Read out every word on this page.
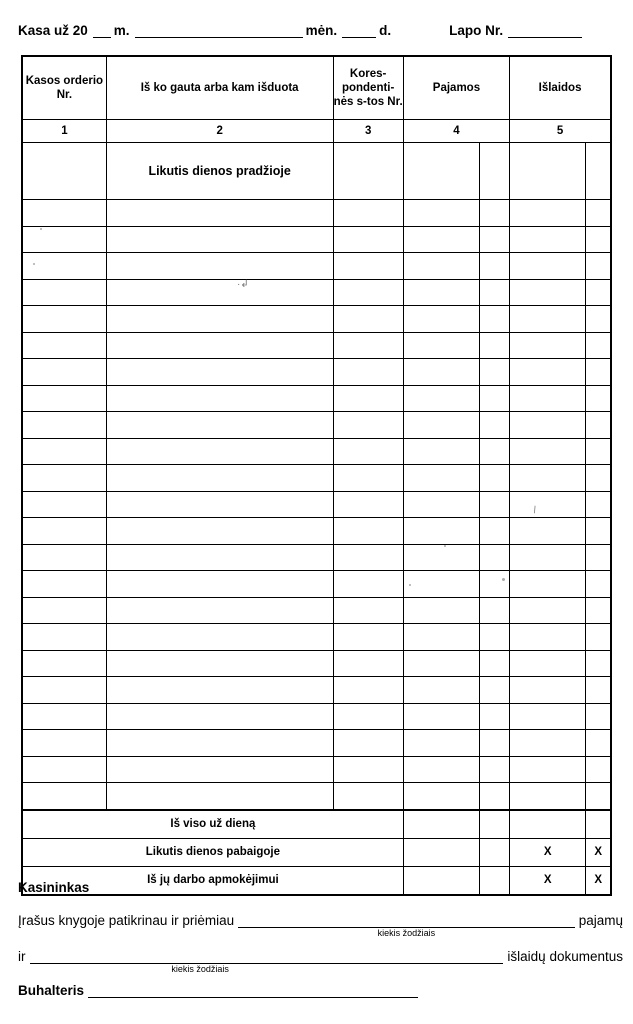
Kasa už 20 m.	mėn.	d.	Lapo Nr.
Kasos orderio Nr.	Iš ko gauta arba kam išduota	Kores- pondenti- nės s-tos Nr.	Pajamos		Išlaidos	
1	2	3	4		5	
	Likutis dienos pradžioje					

Iš viso už dieną						
Likutis dienos pabaigoje					X	X
Iš jų darbo apmokėjimui					X	X
·↲
\
Kasininkas
Įrašus knygoje patikrinau ir priėmiau
kiekis žodžiais
pajamų
ir
kiekis žodžiais
išlaidų dokumentus
Buhalteris
